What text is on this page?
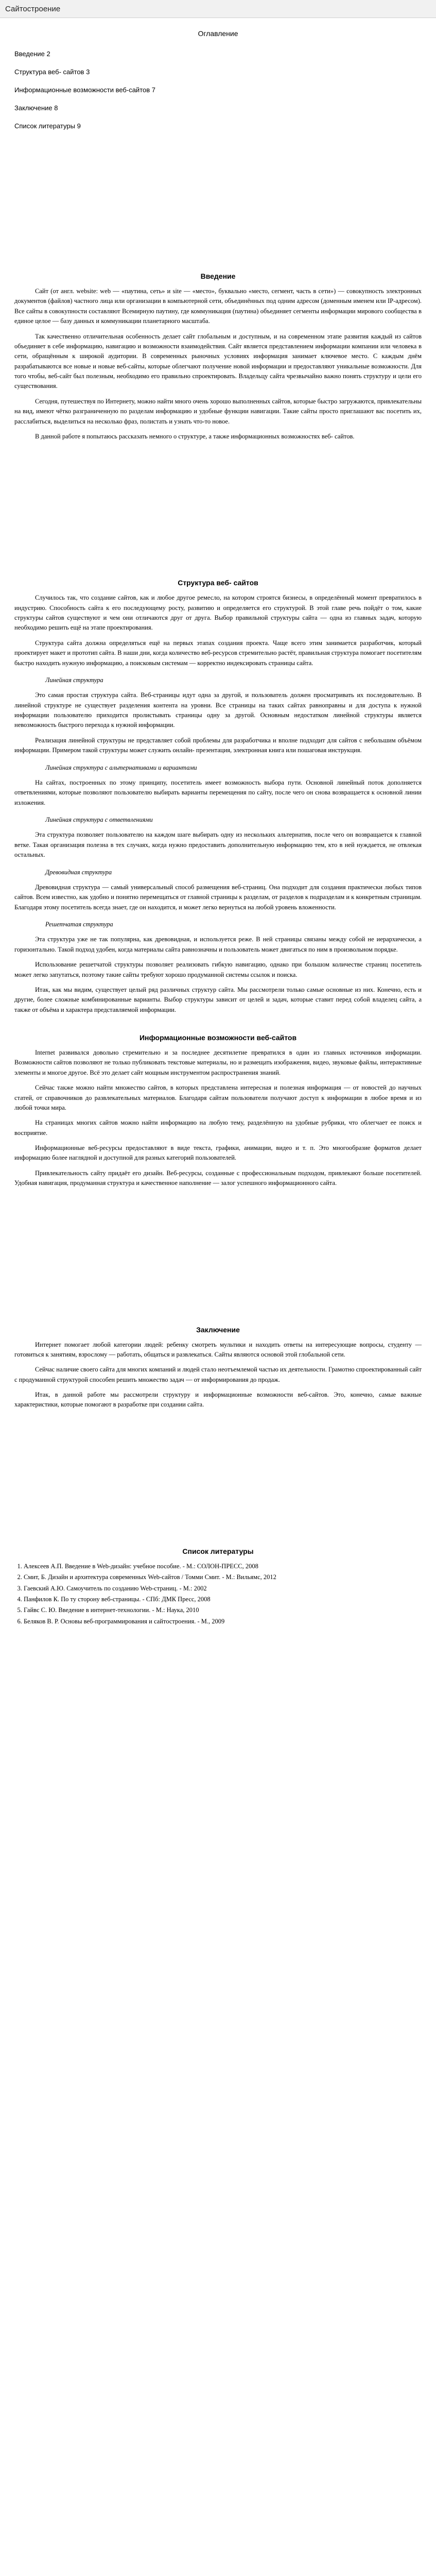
Сайтостроение
Оглавление
Введение 2
Структура веб- сайтов 3
Информационные возможности веб-сайтов 7
Заключение 8
Список литературы 9
Введение

Сайт (от англ. website: web — «паутина, сеть» и site — «место», буквально «место, сегмент, часть в сети») — совокупность электронных документов (файлов) частного лица или организации в компьютерной сети, объединённых под одним адресом (доменным именем или IP-адресом). Все сайты в совокупности составляют Всемирную паутину, где коммуникация (паутина) объединяет сегменты информации мирового сообщества в единое целое — базу данных и коммуникации планетарного масштаба.

Так качественно отличительная особенность делает сайт глобальным и доступным, и на современном этапе развития каждый из сайтов объединяет в себе информацию, навигацию и возможности взаимодействия. Сайт является представлением информации компании или человека в сети, обращённым к широкой аудитории. В современных рыночных условиях информация занимает ключевое место. С каждым днём разрабатываются все новые и новые веб-сайты, которые облегчают получение новой информации и предоставляют уникальные возможности. Для того чтобы, веб-сайт был полезным, необходимо его правильно спроектировать. Владельцу сайта чрезвычайно важно понять структуру и цели его существования.

Сегодня, путешествуя по Интернету, можно найти много очень хорошо выполненных сайтов, которые быстро загружаются, привлекательны на вид, имеют чётко разграниченную по разделам информацию и удобные функции навигации. Такие сайты просто приглашают вас посетить их, расслабиться, выделиться на несколько фраз, полистать и узнать что-то новое.

В данной работе я попытаюсь рассказать немного о структуре, а также информационных возможностях веб- сайтов.

Структура веб- сайтов

Случилось так, что создание сайтов, как и любое другое ремесло, на котором строятся бизнесы, в определённый момент превратилось в индустрию. Способность сайта к его последующему росту, развитию и определяется его структурой. В этой главе речь пойдёт о том, какие структуры сайтов существуют и чем они отличаются друг от друга. Выбор правильной структуры сайта — одна из главных задач, которую необходимо решить ещё на этапе проектирования.

Структура сайта должна определяться ещё на первых этапах создания проекта. Чаще всего этим занимается разработчик, который проектирует макет и прототип сайта. В наши дни, когда количество веб-ресурсов стремительно растёт, правильная структура помогает посетителям быстро находить нужную информацию, а поисковым системам — корректно индексировать страницы сайта.

Линейная структура

Это самая простая структура сайта. Веб-страницы идут одна за другой, и пользователь должен просматривать их последовательно. В линейной структуре не существует разделения контента на уровни. Все страницы на таких сайтах равноправны и для доступа к нужной информации пользователю приходится пролистывать страницы одну за другой. Основным недостатком линейной структуры является невозможность быстрого перехода к нужной информации.

Реализация линейной структуры не представляет собой проблемы для разработчика и вполне подходит для сайтов с небольшим объёмом информации. Примером такой структуры может служить онлайн- презентация, электронная книга или пошаговая инструкция.

Линейная структура с альтернативами и вариантами

На сайтах, построенных по этому принципу, посетитель имеет возможность выбора пути. Основной линейный поток дополняется ответвлениями, которые позволяют пользователю выбирать варианты перемещения по сайту, после чего он снова возвращается к основной линии изложения.

Линейная структура с ответвлениями

Эта структура позволяет пользователю на каждом шаге выбирать одну из нескольких альтернатив, после чего он возвращается к главной ветке. Такая организация полезна в тех случаях, когда нужно предоставить дополнительную информацию тем, кто в ней нуждается, не отвлекая остальных.

Древовидная структура

Древовидная структура — самый универсальный способ размещения веб-страниц. Она подходит для создания практически любых типов сайтов. Всем известно, как удобно и понятно перемещаться от главной страницы к разделам, от разделов к подразделам и к конкретным страницам. Благодаря этому посетитель всегда знает, где он находится, и может легко вернуться на любой уровень вложенности.

Решетчатая структура

Эта структура уже не так популярна, как древовидная, и используется реже. В ней страницы связаны между собой не иерархически, а горизонтально. Такой подход удобен, когда материалы сайта равнозначны и пользователь может двигаться по ним в произвольном порядке.

Использование решетчатой структуры позволяет реализовать гибкую навигацию, однако при большом количестве страниц посетитель может легко запутаться, поэтому такие сайты требуют хорошо продуманной системы ссылок и поиска.

Итак, как мы видим, существует целый ряд различных структур сайта. Мы рассмотрели только самые основные из них. Конечно, есть и другие, более сложные комбинированные варианты. Выбор структуры зависит от целей и задач, которые ставит перед собой владелец сайта, а также от объёма и характера представляемой информации.

Информационные возможности веб-сайтов

Internet развивался довольно стремительно и за последнее десятилетие превратился в один из главных источников информации. Возможности сайтов позволяют не только публиковать текстовые материалы, но и размещать изображения, видео, звуковые файлы, интерактивные элементы и многое другое. Всё это делает сайт мощным инструментом распространения знаний.

Сейчас также можно найти множество сайтов, в которых представлена интересная и полезная информация — от новостей до научных статей, от справочников до развлекательных материалов. Благодаря сайтам пользователи получают доступ к информации в любое время и из любой точки мира.

На страницах многих сайтов можно найти информацию на любую тему, разделённую на удобные рубрики, что облегчает ее поиск и восприятие.

Информационные веб-ресурсы предоставляют в виде текста, графики, анимации, видео и т. п. Это многообразие форматов делает информацию более наглядной и доступной для разных категорий пользователей.

Привлекательность сайту придаёт его дизайн. Веб-ресурсы, созданные с профессиональным подходом, привлекают больше посетителей. Удобная навигация, продуманная структура и качественное наполнение — залог успешного информационного сайта.

Заключение

Интернет помогает любой категории людей: ребенку смотреть мультики и находить ответы на интересующие вопросы, студенту — готовиться к занятиям, взрослому — работать, общаться и развлекаться. Сайты являются основой этой глобальной сети.

Сейчас наличие своего сайта для многих компаний и людей стало неотъемлемой частью их деятельности. Грамотно спроектированный сайт с продуманной структурой способен решить множество задач — от информирования до продаж.

Итак, в данной работе мы рассмотрели структуру и информационные возможности веб-сайтов. Это, конечно, самые важные характеристики, которые помогают в разработке при создании сайта.

Список литературы
1. Алексеев А.П. Введение в Web-дизайн: учебное пособие. - М.: СОЛОН-ПРЕСС, 2008
2. Смит, Б. Дизайн и архитектура современных Web-сайтов / Томми Смит. - М.: Вильямс, 2012
3. Гаевский А.Ю. Самоучитель по созданию Web-страниц. - М.: 2002
4. Панфилов К. По ту сторону веб-страницы. - СПб: ДМК Пресс, 2008
5. Гайвс С. Ю. Введение в интернет-технологии. - М.: Наука, 2010
6. Беляков В. Р. Основы веб-программирования и сайтостроения. - М., 2009
